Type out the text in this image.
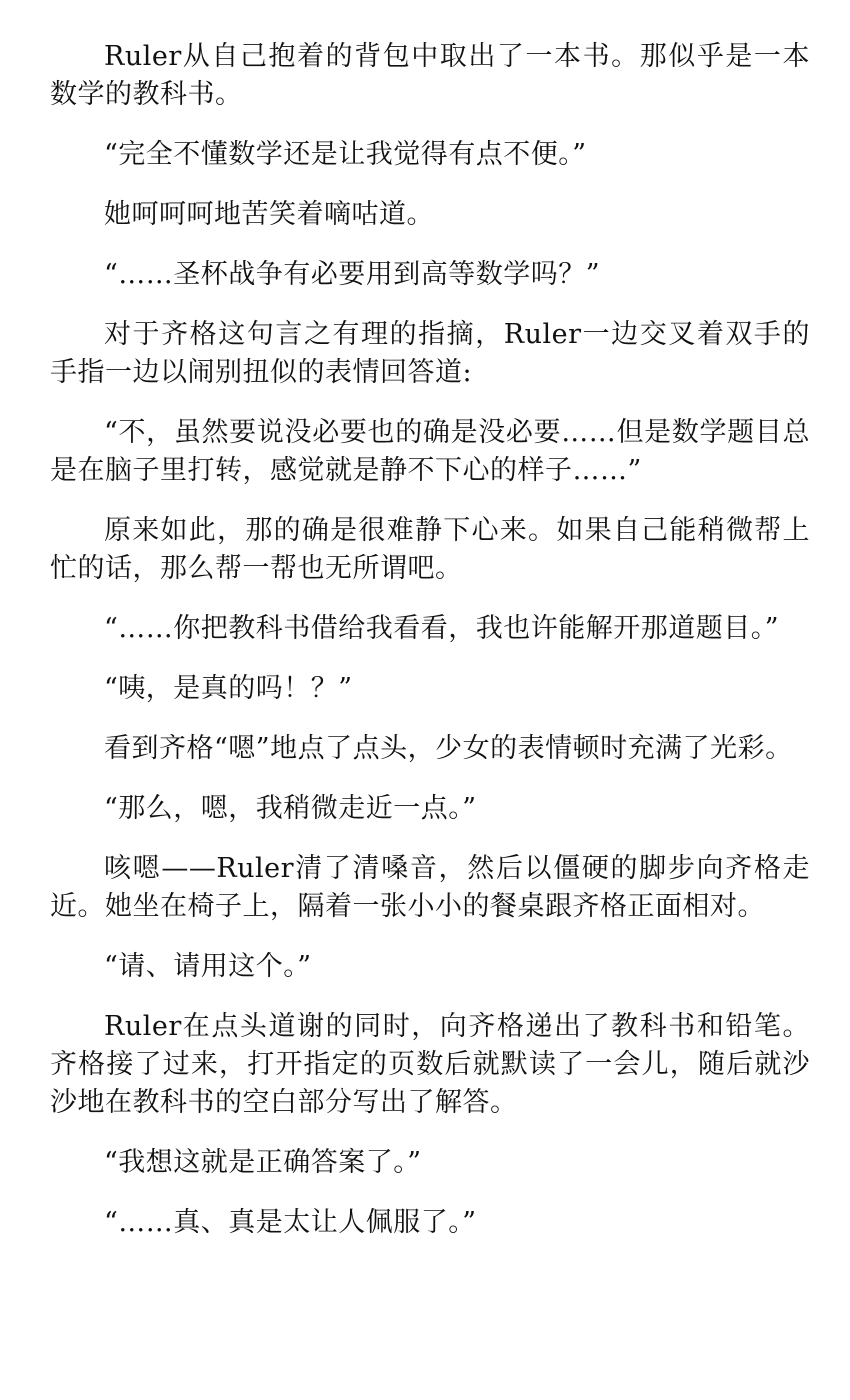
Ruler从自己抱着的背包中取出了一本书。那似乎是一本数学的教科书。

“完全不懂数学还是让我觉得有点不便。”

她呵呵呵地苦笑着嘀咕道。

“……圣杯战争有必要用到高等数学吗？”

对于齐格这句言之有理的指摘，Ruler一边交叉着双手的手指一边以闹别扭似的表情回答道:

“不，虽然要说没必要也的确是没必要……但是数学题目总是在脑子里打转，感觉就是静不下心的样子……”

原来如此，那的确是很难静下心来。如果自己能稍微帮上忙的话，那么帮一帮也无所谓吧。

“……你把教科书借给我看看，我也许能解开那道题目。”

“咦，是真的吗！？”

看到齐格“嗯”地点了点头，少女的表情顿时充满了光彩。

“那么，嗯，我稍微走近一点。”

咳嗯——Ruler清了清嗓音，然后以僵硬的脚步向齐格走近。她坐在椅子上，隔着一张小小的餐桌跟齐格正面相对。

“请、请用这个。”

Ruler在点头道谢的同时，向齐格递出了教科书和铅笔。齐格接了过来，打开指定的页数后就默读了一会儿，随后就沙沙地在教科书的空白部分写出了解答。

“我想这就是正确答案了。”

“……真、真是太让人佩服了。”
